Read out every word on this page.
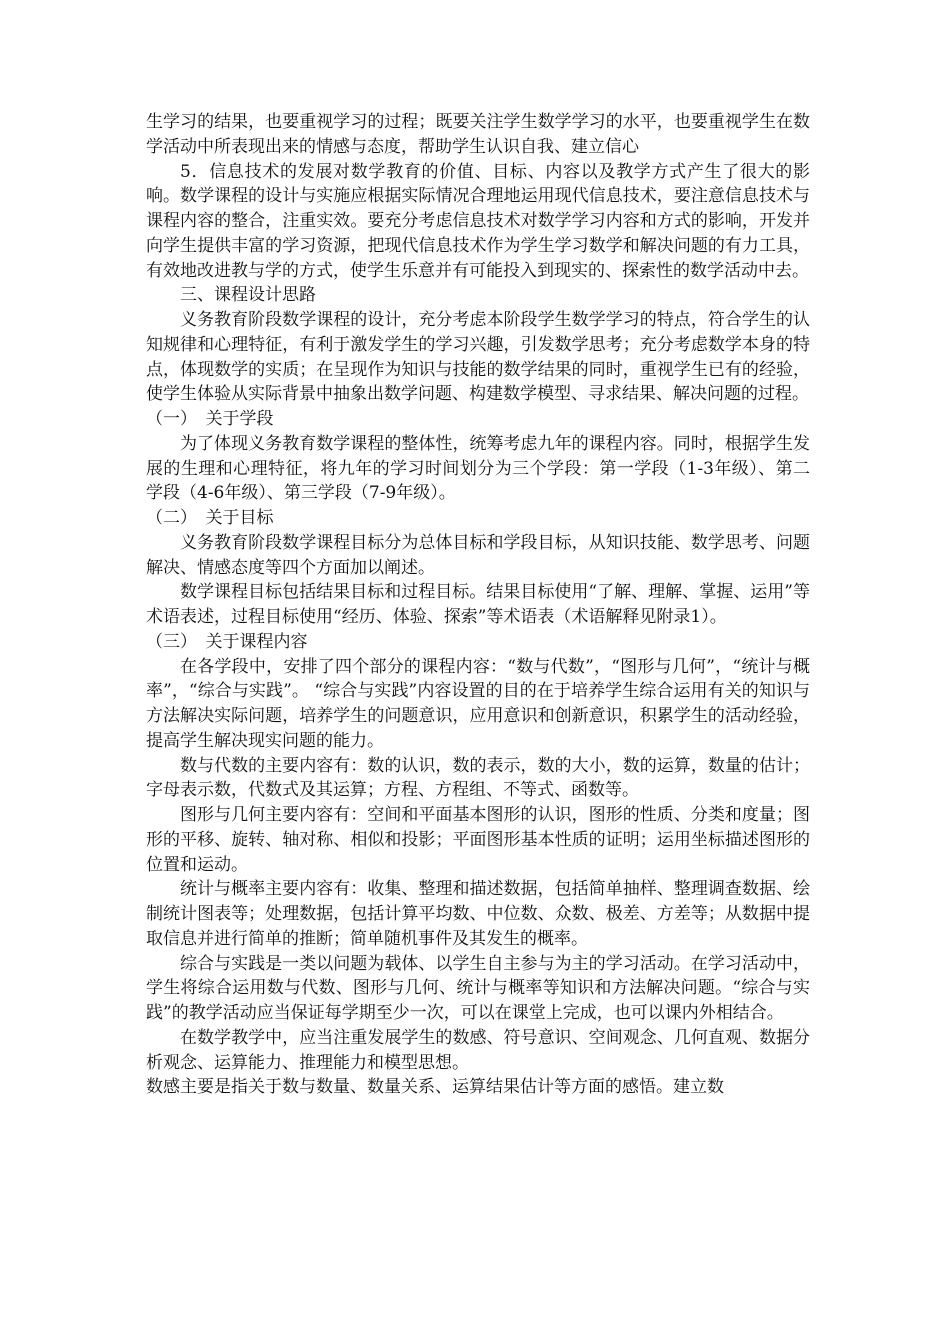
生学习的结果，也要重视学习的过程；既要关注学生数学学习的水平，也要重视学生在数学活动中所表现出来的情感与态度，帮助学生认识自我、建立信心

5．信息技术的发展对数学教育的价值、目标、内容以及教学方式产生了很大的影响。数学课程的设计与实施应根据实际情况合理地运用现代信息技术，要注意信息技术与课程内容的整合，注重实效。要充分考虑信息技术对数学学习内容和方式的影响，开发并向学生提供丰富的学习资源，把现代信息技术作为学生学习数学和解决问题的有力工具，有效地改进教与学的方式，使学生乐意并有可能投入到现实的、探索性的数学活动中去。

三、课程设计思路

义务教育阶段数学课程的设计，充分考虑本阶段学生数学学习的特点，符合学生的认知规律和心理特征，有利于激发学生的学习兴趣，引发数学思考；充分考虑数学本身的特点，体现数学的实质；在呈现作为知识与技能的数学结果的同时，重视学生已有的经验，使学生体验从实际背景中抽象出数学问题、构建数学模型、寻求结果、解决问题的过程。

（一）　关于学段

为了体现义务教育数学课程的整体性，统筹考虑九年的课程内容。同时，根据学生发展的生理和心理特征，将九年的学习时间划分为三个学段：第一学段（1-3年级）、第二学段（4-6年级）、第三学段（7-9年级）。

（二）　关于目标

义务教育阶段数学课程目标分为总体目标和学段目标，从知识技能、数学思考、问题解决、情感态度等四个方面加以阐述。

数学课程目标包括结果目标和过程目标。结果目标使用“了解、理解、掌握、运用”等术语表述，过程目标使用“经历、体验、探索”等术语表（术语解释见附录1）。

（三）　关于课程内容

在各学段中，安排了四个部分的课程内容：“数与代数”，“图形与几何”，“统计与概率”，“综合与实践”。 “综合与实践”内容设置的目的在于培养学生综合运用有关的知识与方法解决实际问题，培养学生的问题意识，应用意识和创新意识，积累学生的活动经验，提高学生解决现实问题的能力。

数与代数的主要内容有：数的认识，数的表示，数的大小，数的运算，数量的估计；字母表示数，代数式及其运算；方程、方程组、不等式、函数等。

图形与几何主要内容有：空间和平面基本图形的认识，图形的性质、分类和度量；图形的平移、旋转、轴对称、相似和投影；平面图形基本性质的证明；运用坐标描述图形的位置和运动。

统计与概率主要内容有：收集、整理和描述数据，包括简单抽样、整理调查数据、绘制统计图表等；处理数据，包括计算平均数、中位数、众数、极差、方差等；从数据中提取信息并进行简单的推断；简单随机事件及其发生的概率。

综合与实践是一类以问题为载体、以学生自主参与为主的学习活动。在学习活动中，学生将综合运用数与代数、图形与几何、统计与概率等知识和方法解决问题。“综合与实践”的教学活动应当保证每学期至少一次，可以在课堂上完成，也可以课内外相结合。

在数学教学中，应当注重发展学生的数感、符号意识、空间观念、几何直观、数据分析观念、运算能力、推理能力和模型思想。

数感主要是指关于数与数量、数量关系、运算结果估计等方面的感悟。建立数
